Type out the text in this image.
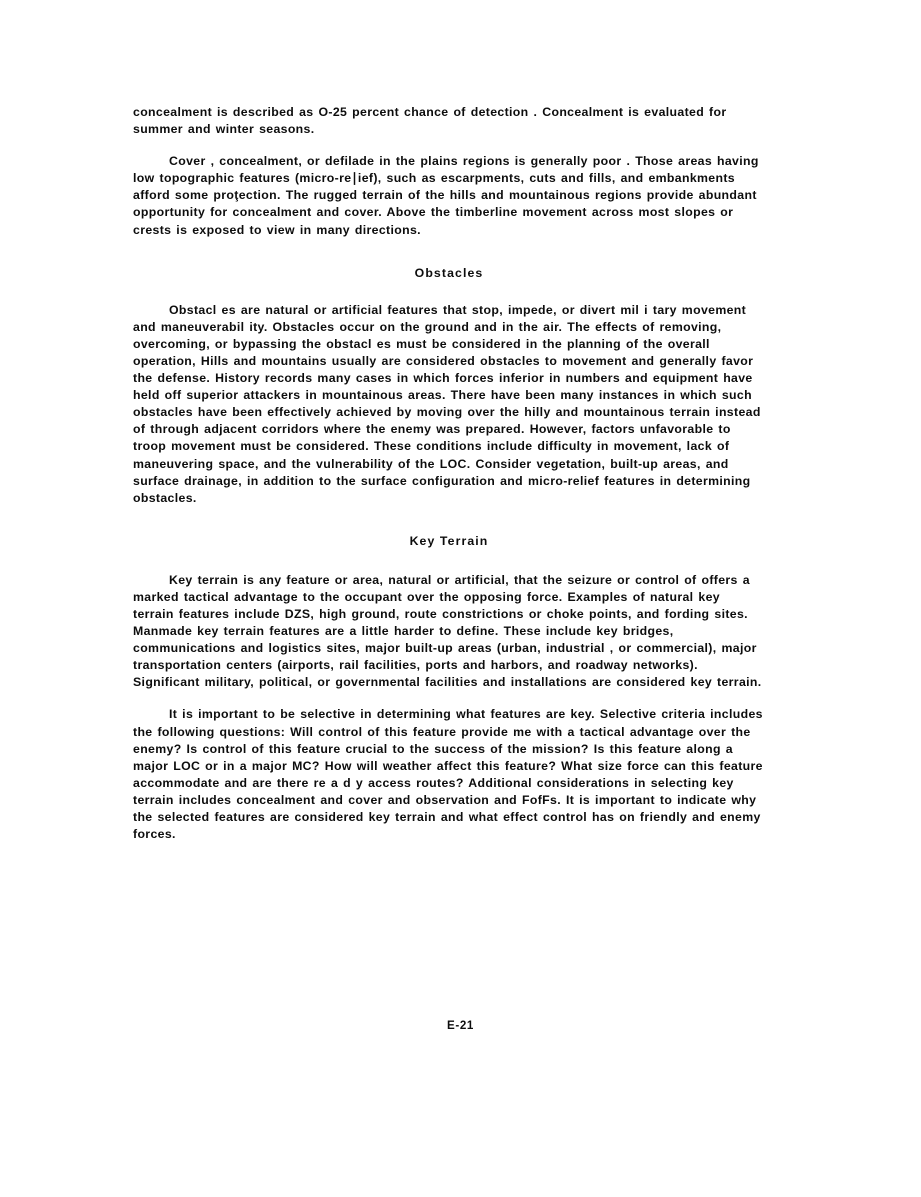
concealment is described as O-25 percent chance of detection . Concealment is evaluated for summer and winter seasons.

Cover , concealment, or defilade in the plains regions is generally poor . Those areas having low topographic features (micro-re∣ief), such as escarpments, cuts and fills, and embankments afford some proţection. The rugged terrain of the hills and mountainous regions provide abundant opportunity for concealment and cover. Above the timberline movement across most slopes or crests is exposed to view in many directions.

Obstacles

Obstacl es are natural or artificial features that stop, impede, or divert mil i tary movement and maneuverabil ity. Obstacles occur on the ground and in the air. The effects of removing, overcoming, or bypassing the obstacl es must be considered in the planning of the overall operation, Hills and mountains usually are considered obstacles to movement and generally favor the defense. History records many cases in which forces inferior in numbers and equipment have held off superior attackers in mountainous areas. There have been many instances in which such obstacles have been effectively achieved by moving over the hilly and mountainous terrain instead of through adjacent corridors where the enemy was prepared. However, factors unfavorable to troop movement must be considered. These conditions include difficulty in movement, lack of maneuvering space, and the vulnerability of the LOC. Consider vegetation, built-up areas, and surface drainage, in addition to the surface configuration and micro-relief features in determining obstacles.

Key Terrain

Key terrain is any feature or area, natural or artificial, that the seizure or control of offers a marked tactical advantage to the occupant over the opposing force. Examples of natural key terrain features include DZS, high ground, route constrictions or choke points, and fording sites. Manmade key terrain features are a little harder to define. These include key bridges, communications and logistics sites, major built-up areas (urban, industrial , or commercial), major transportation centers (airports, rail facilities, ports and harbors, and roadway networks). Significant military, political, or governmental facilities and installations are considered key terrain.

It is important to be selective in determining what features are key. Selective criteria includes the following questions: Will control of this feature provide me with a tactical advantage over the enemy? Is control of this feature crucial to the success of the mission? Is this feature along a major LOC or in a major MC? How will weather affect this feature? What size force can this feature accommodate and are there re a d y access routes? Additional considerations in selecting key terrain includes concealment and cover and observation and FofFs. It is important to indicate why the selected features are considered key terrain and what effect control has on friendly and enemy forces.

E-21
